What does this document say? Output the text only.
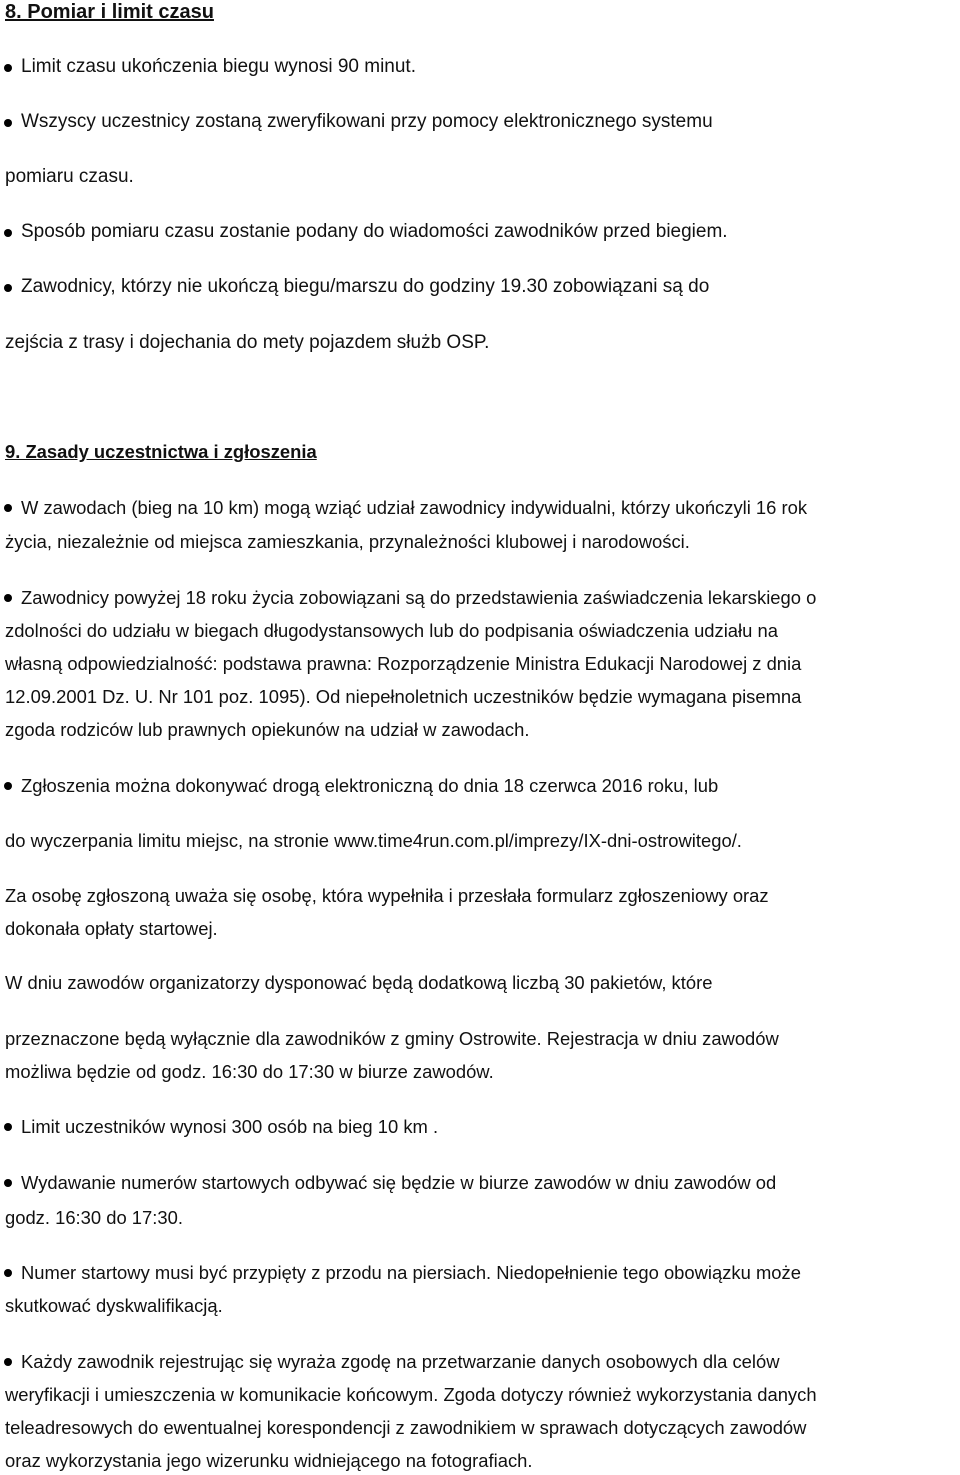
8. Pomiar i limit czasu
Limit czasu ukończenia biegu wynosi 90 minut.
Wszyscy uczestnicy zostaną zweryfikowani przy pomocy elektronicznego systemu
pomiaru czasu.
Sposób pomiaru czasu zostanie podany do wiadomości zawodników przed biegiem.
Zawodnicy, którzy nie ukończą biegu/marszu do godziny 19.30 zobowiązani są do
zejścia z trasy i dojechania do mety pojazdem służb OSP.
9. Zasady uczestnictwa i zgłoszenia
W zawodach (bieg na 10 km) mogą wziąć udział zawodnicy indywidualni, którzy ukończyli 16 rok
życia, niezależnie od miejsca zamieszkania, przynależności klubowej i narodowości.
Zawodnicy powyżej 18 roku życia zobowiązani są do przedstawienia zaświadczenia lekarskiego o
zdolności do udziału w biegach długodystansowych lub do podpisania oświadczenia udziału na
własną odpowiedzialność: podstawa prawna: Rozporządzenie Ministra Edukacji Narodowej z dnia
12.09.2001 Dz. U. Nr 101 poz. 1095). Od niepełnoletnich uczestników będzie wymagana pisemna
zgoda rodziców lub prawnych opiekunów na udział w zawodach.
Zgłoszenia można dokonywać drogą elektroniczną do dnia 18 czerwca 2016 roku, lub
do wyczerpania limitu miejsc, na stronie www.time4run.com.pl/imprezy/IX-dni-ostrowitego/.
Za osobę zgłoszoną uważa się osobę, która wypełniła i przesłała formularz zgłoszeniowy oraz
dokonała opłaty startowej.
W dniu zawodów organizatorzy dysponować będą dodatkową liczbą 30 pakietów, które
przeznaczone będą wyłącznie dla zawodników z gminy Ostrowite. Rejestracja w dniu zawodów
możliwa będzie od godz. 16:30 do 17:30 w biurze zawodów.
Limit uczestników wynosi 300 osób na bieg 10 km .
Wydawanie numerów startowych odbywać się będzie w biurze zawodów w dniu zawodów od
godz. 16:30 do 17:30.
Numer startowy musi być przypięty z przodu na piersiach. Niedopełnienie tego obowiązku może
skutkować dyskwalifikacją.
Każdy zawodnik rejestrując się wyraża zgodę na przetwarzanie danych osobowych dla celów
weryfikacji i umieszczenia w komunikacie końcowym. Zgoda dotyczy również wykorzystania danych
teleadresowych do ewentualnej korespondencji z zawodnikiem w sprawach dotyczących zawodów
oraz wykorzystania jego wizerunku widniejącego na fotografiach.
